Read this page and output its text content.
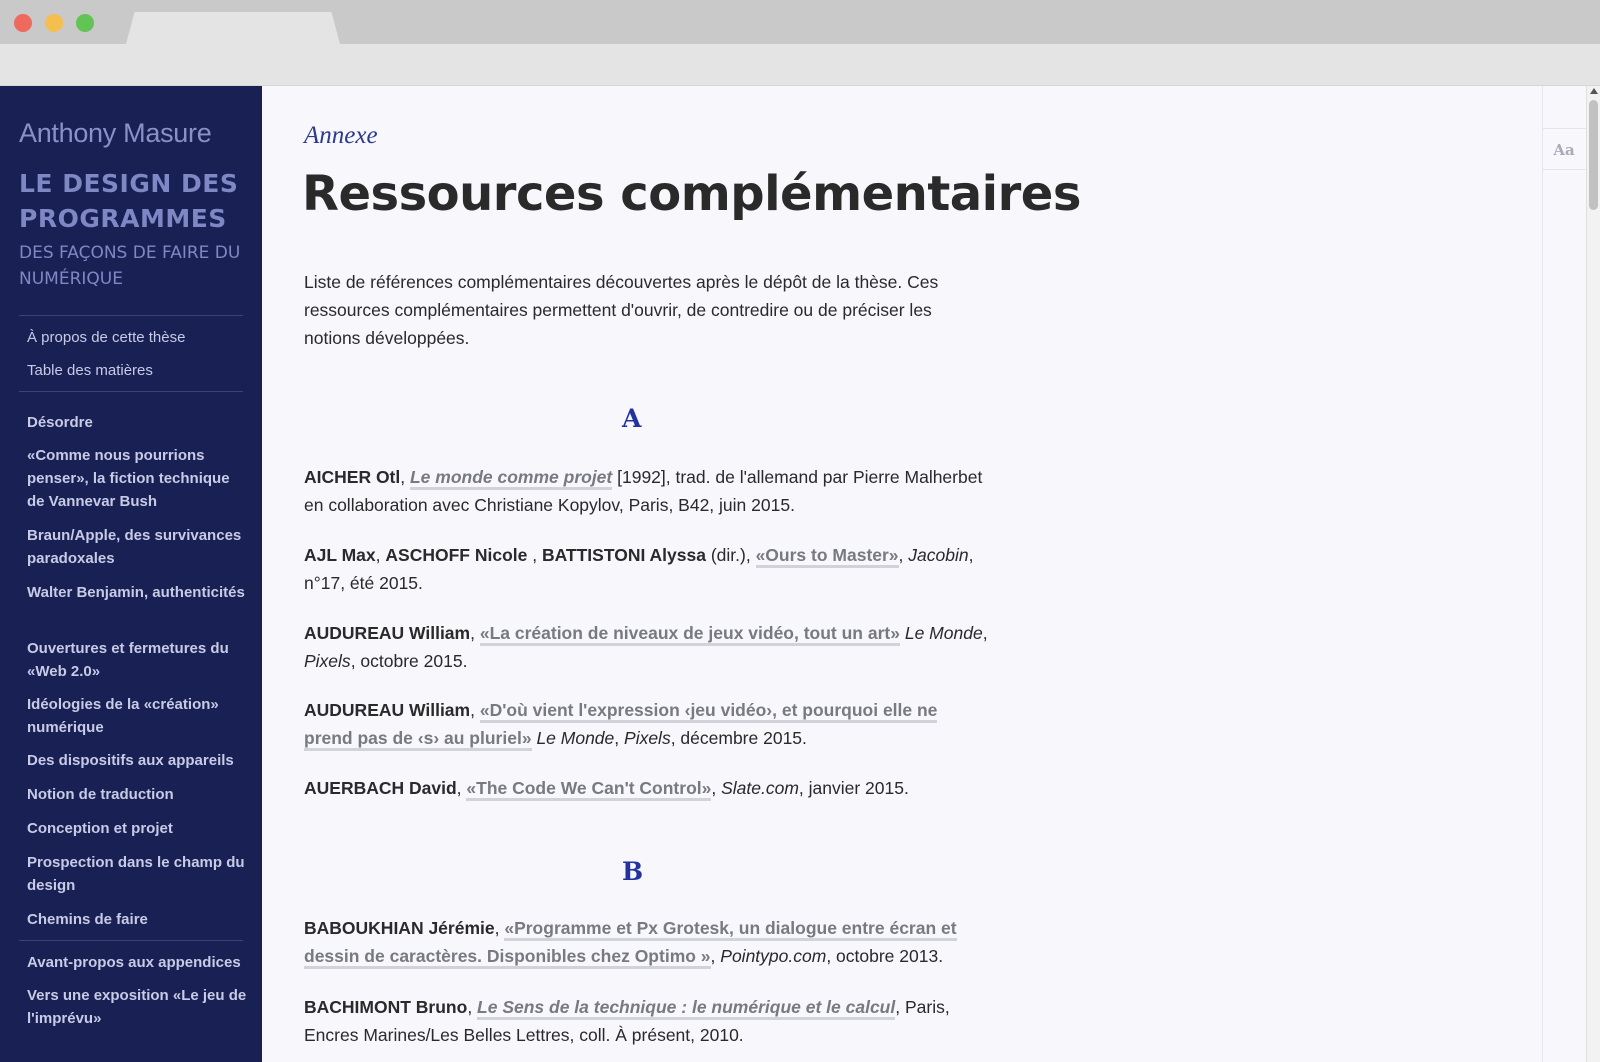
Anthony Masure
LE DESIGN DES PROGRAMMES
DES FAÇONS DE FAIRE DU NUMÉRIQUE
À propos de cette thèse
Table des matières
Désordre
«Comme nous pourrions penser», la fiction technique de Vannevar Bush
Braun/Apple, des survivances paradoxales
Walter Benjamin, authenticités
Ouvertures et fermetures du «Web 2.0»
Idéologies de la «création» numérique
Des dispositifs aux appareils
Notion de traduction
Conception et projet
Prospection dans le champ du design
Chemins de faire
Avant-propos aux appendices
Vers une exposition «Le jeu de l'imprévu»
Annexe
Ressources complémentaires

Liste de références complémentaires découvertes après le dépôt de la thèse. Ces ressources complémentaires permettent d'ouvrir, de contredire ou de préciser les notions développées.

A

AICHER Otl, Le monde comme projet [1992], trad. de l'allemand par Pierre Malherbet en collaboration avec Christiane Kopylov, Paris, B42, juin 2015.

AJL Max, ASCHOFF Nicole , BATTISTONI Alyssa (dir.), «Ours to Master», Jacobin, n°17, été 2015.

AUDUREAU William, «La création de niveaux de jeux vidéo, tout un art» Le Monde, Pixels, octobre 2015.

AUDUREAU William, «D'où vient l'expression ‹jeu vidéo›, et pourquoi elle ne prend pas de ‹s› au pluriel» Le Monde, Pixels, décembre 2015.

AUERBACH David, «The Code We Can't Control», Slate.com, janvier 2015.

B

BABOUKHIAN Jérémie, «Programme et Px Grotesk, un dialogue entre écran et dessin de caractères. Disponibles chez Optimo », Pointypo.com, octobre 2013.

BACHIMONT Bruno, Le Sens de la technique : le numérique et le calcul, Paris, Encres Marines/Les Belles Lettres, coll. À présent, 2010.

Aa
